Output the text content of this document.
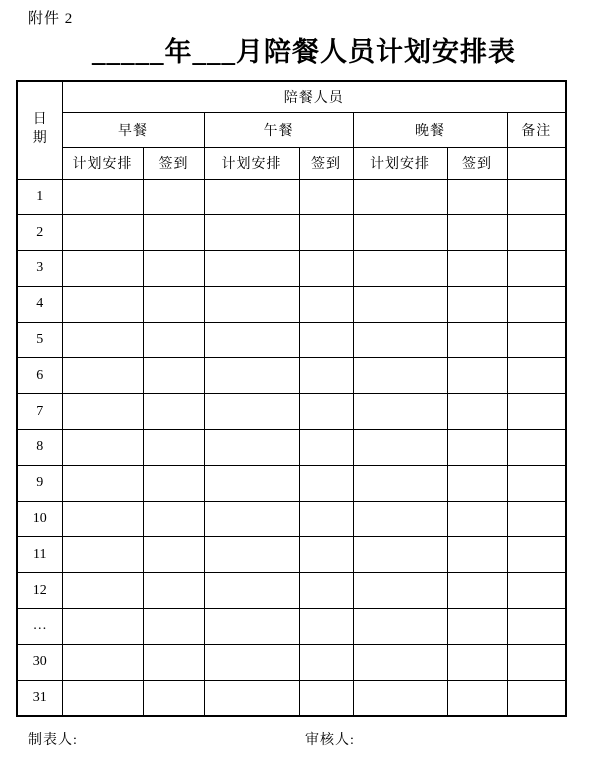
附件 2
_____年___月陪餐人员计划安排表
日
期	陪餐人员						
	早餐		午餐		晚餐		备注
	计划安排	签到	计划安排	签到	计划安排	签到	
1							
2							
3							
4							
5							
6							
7							
8							
9							
10							
11							
12							
…							
30							
31							
制表人:	审核人:
